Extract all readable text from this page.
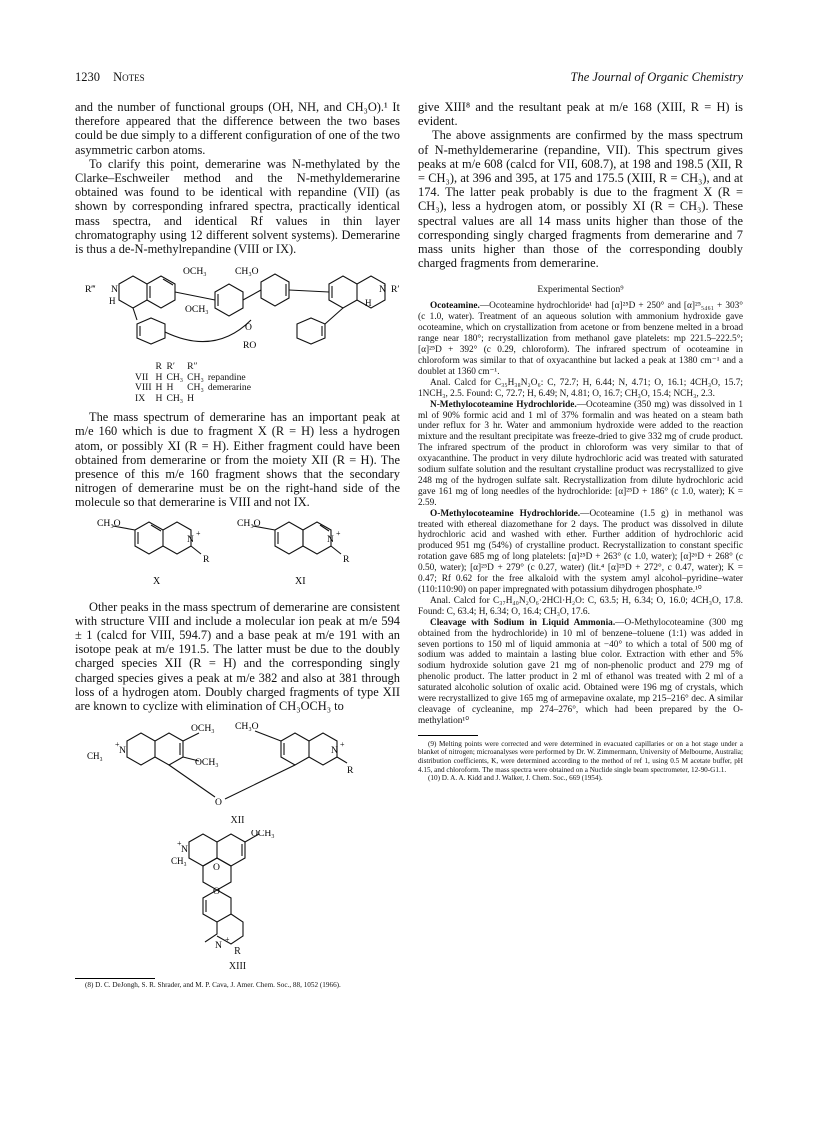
1230 Notes	The Journal of Organic Chemistry

and the number of functional groups (OH, NH, and CH₃O).¹ It therefore appeared that the difference between the two bases could be due simply to a different configuration of one of the two asymmetric carbon atoms.

To clarify this point, demerarine was N-methylated by the Clarke–Eschweiler method and the N-methyldemerarine obtained was found to be identical with repandine (VII) (as shown by corresponding infrared spectra, practically identical mass spectra, and identical Rf values in thin layer chromatography using 12 different solvent systems). Demerarine is thus a de-N-methylrepandine (VIII or IX).

OCH₃
OCH₃
CH₃O
RO
O
N
R‴
H
N R′
H
	R	R′	R″	
VII	H	CH₃	CH₃	repandine
VIII	H	H	CH₃	demerarine
IX	H	CH₃	H	

The mass spectrum of demerarine has an important peak at m/e 160 which is due to fragment X (R = H) less a hydrogen atom, or possibly XI (R = H). Either fragment could have been obtained from demerarine or from the moiety XII (R = H). The presence of this m/e 160 fragment shows that the secondary nitrogen of demerarine must be on the right-hand side of the molecule so that demerarine is VIII and not IX.

CH₃O
N
+
R
CH₃O
N
+
R
X	XI

Other peaks in the mass spectrum of demerarine are consistent with structure VIII and include a molecular ion peak at m/e 594 ± 1 (calcd for VIII, 594.7) and a base peak at m/e 191 with an isotope peak at m/e 191.5. The latter must be due to the doubly charged species XII (R = H) and the corresponding singly charged species gives a peak at m/e 382 and also at 381 through loss of a hydrogen atom. Doubly charged fragments of type XII are known to cyclize with elimination of CH₃OCH₃ to

OCH₃
OCH₃
CH₃O
O
CH₃ N
+
N
+
R
XII
OCH₃
CH₃
N
+
O
O
N
+
R
XIII

(8) D. C. DeJongh, S. R. Shrader, and M. P. Cava, J. Amer. Chem. Soc., 88, 1052 (1966).

give XIII⁸ and the resultant peak at m/e 168 (XIII, R = H) is evident.

The above assignments are confirmed by the mass spectrum of N-methyldemerarine (repandine, VII). This spectrum gives peaks at m/e 608 (calcd for VII, 608.7), at 198 and 198.5 (XII, R = CH₃), at 396 and 395, at 175 and 175.5 (XIII, R = CH₃), and at 174. The latter peak probably is due to the fragment X (R = CH₃), less a hydrogen atom, or possibly XI (R = CH₃). These spectral values are all 14 mass units higher than those of the corresponding singly charged fragments from demerarine and 7 mass units higher than those of the corresponding doubly charged fragments from demerarine.

Experimental Section⁹

Ocoteamine.—Ocoteamine hydrochloride¹ had [α]²⁵D + 250° and [α]²⁵₅₄₆₁ + 303° (c 1.0, water). Treatment of an aqueous solution with ammonium hydroxide gave ocoteamine, which on crystallization from acetone or from benzene melted in a broad range near 180°; recrystallization from methanol gave platelets: mp 221.5–222.5°; [α]²⁵D + 392° (c 0.29, chloroform). The infrared spectrum of ocoteamine in chloroform was similar to that of oxyacanthine but lacked a peak at 1380 cm⁻¹ and a doublet at 1360 cm⁻¹.

Anal. Calcd for C₃₅H₃₈N₂O₆: C, 72.7; H, 6.44; N, 4.71; O, 16.1; 4CH₃O, 15.7; 1NCH₃, 2.5. Found: C, 72.7; H, 6.49; N, 4.81; O, 16.7; CH₃O, 15.4; NCH₃, 2.3.

N-Methylocoteamine Hydrochloride.—Ocoteamine (350 mg) was dissolved in 1 ml of 90% formic acid and 1 ml of 37% formalin and was heated on a steam bath under reflux for 3 hr. Water and ammonium hydroxide were added to the reaction mixture and the resultant precipitate was freeze-dried to give 332 mg of crude product. The infrared spectrum of the product in chloroform was very similar to that of oxyacanthine. The product in very dilute hydrochloric acid was treated with saturated sodium sulfate solution and the resultant crystalline product was recrystallized to give 248 mg of the hydrogen sulfate salt. Recrystallization from dilute hydrochloric acid gave 161 mg of long needles of the hydrochloride: [α]²⁵D + 186° (c 1.0, water); K = 2.59.

O-Methylocoteamine Hydrochloride.—Ocoteamine (1.5 g) in methanol was treated with ethereal diazomethane for 2 days. The product was dissolved in dilute hydrochloric acid and washed with ether. Further addition of hydrochloric acid produced 951 mg (54%) of crystalline product. Recrystallization to constant specific rotation gave 685 mg of long platelets: [α]²⁵D + 263° (c 1.0, water); [α]²⁶D + 268° (c 0.50, water); [α]²⁵D + 279° (c 0.27, water) (lit.⁴ [α]²⁵D + 272°, c 0.47, water); K = 0.47; Rf 0.62 for the free alkaloid with the system amyl alcohol–pyridine–water (110:110:90) on paper impregnated with potassium dihydrogen phosphate.¹⁰

Anal. Calcd for C₃₇H₄₀N₂O₆·2HCl·H₂O: C, 63.5; H, 6.34; O, 16.0; 4CH₃O, 17.8. Found: C, 63.4; H, 6.34; O, 16.4; CH₃O, 17.6.

Cleavage with Sodium in Liquid Ammonia.—O-Methylocoteamine (300 mg obtained from the hydrochloride) in 10 ml of benzene–toluene (1:1) was added in seven portions to 150 ml of liquid ammonia at −40° to which a total of 500 mg of sodium was added to maintain a lasting blue color. Extraction with ether and 5% sodium hydroxide solution gave 21 mg of non-phenolic product and 279 mg of phenolic product. The latter product in 2 ml of ethanol was treated with 2 ml of a saturated alcoholic solution of oxalic acid. Obtained were 196 mg of crystals, which were recrystallized to give 165 mg of armepavine oxalate, mp 215–216° dec. A similar cleavage of cycleanine, mp 274–276°, which had been prepared by the O-methylation¹⁰

(9) Melting points were corrected and were determined in evacuated capillaries or on a hot stage under a blanket of nitrogen; microanalyses were performed by Dr. W. Zimmermann, University of Melbourne, Australia; distribution coefficients, K, were determined according to the method of ref 1, using 0.5 M acetate buffer, pH 4.15, and chloroform. The mass spectra were obtained on a Nuclide single beam spectrometer, 12-90-G1.1.

(10) D. A. A. Kidd and J. Walker, J. Chem. Soc., 669 (1954).
